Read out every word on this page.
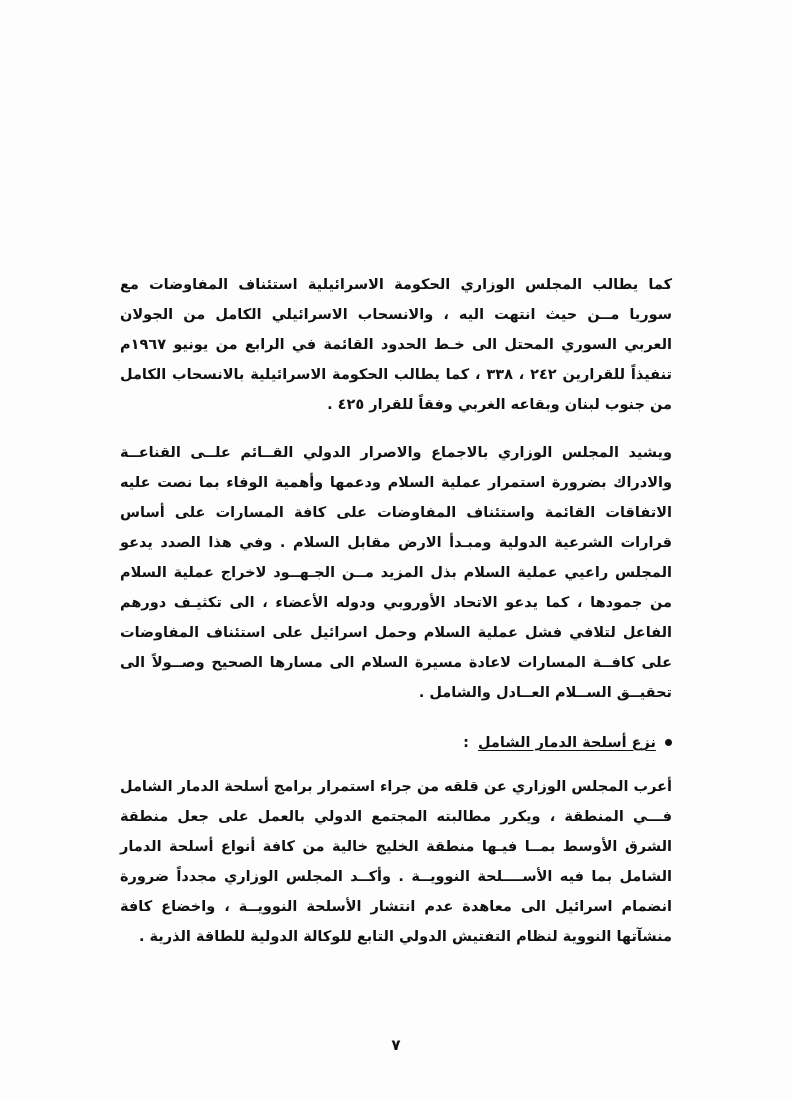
كما يطالب المجلس الوزاري الحكومة الاسرائيلية استئناف المفاوضات مع سوريا مــن حيث انتهت اليه ، والانسحاب الاسرائيلي الكامل من الجولان العربي السوري المحتل الى خـط الحدود القائمة في الرابع من يونيو ١٩٦٧م تنفيذاً للقرارين ٢٤٢ ، ٣٣٨ ، كما يطالب الحكومة الاسرائيلية بالانسحاب الكامل من جنوب لبنان وبقاعه الغربي وفقاً للقرار ٤٢٥ .

ويشيد المجلس الوزاري بالاجماع والاصرار الدولي القــائم علــى القناعــة والادراك بضرورة استمرار عملية السلام ودعمها وأهمية الوفاء بما نصت عليه الاتفاقات القائمة واستئناف المفاوضات على كافة المسارات على أساس قرارات الشرعية الدولية ومبـدأ الارض مقابل السلام . وفي هذا الصدد يدعو المجلس راعيي عملية السلام بذل المزيد مــن الجـهــود لاخراج عملية السلام من جمودها ، كما يدعو الاتحاد الأوروبي ودوله الأعضاء ، الى تكثيـف دورهم الفاعل لتلافي فشل عملية السلام وحمل اسرائيل على استئناف المفاوضات على كافــة المسارات لاعادة مسيرة السلام الى مسارها الصحيح وصــولاً الى تحقيــق الســلام العــادل والشامل .

نزع أسلحة الدمار الشامل
:

أعرب المجلس الوزاري عن قلقه من جراء استمرار برامج أسلحة الدمار الشامل فـــي المنطقة ، ويكرر مطالبته المجتمع الدولي بالعمل على جعل منطقة الشرق الأوسط بمــا فيـها منطقة الخليج خالية من كافة أنواع أسلحة الدمار الشامل بما فيه الأســــلحة النوويــة . وأكــد المجلس الوزاري مجدداً ضرورة انضمام اسرائيل الى معاهدة عدم انتشار الأسلحة النوويــة ، واخضاع كافة منشآتها النووية لنظام التفتيش الدولي التابع للوكالة الدولية للطاقة الذرية .

٧
